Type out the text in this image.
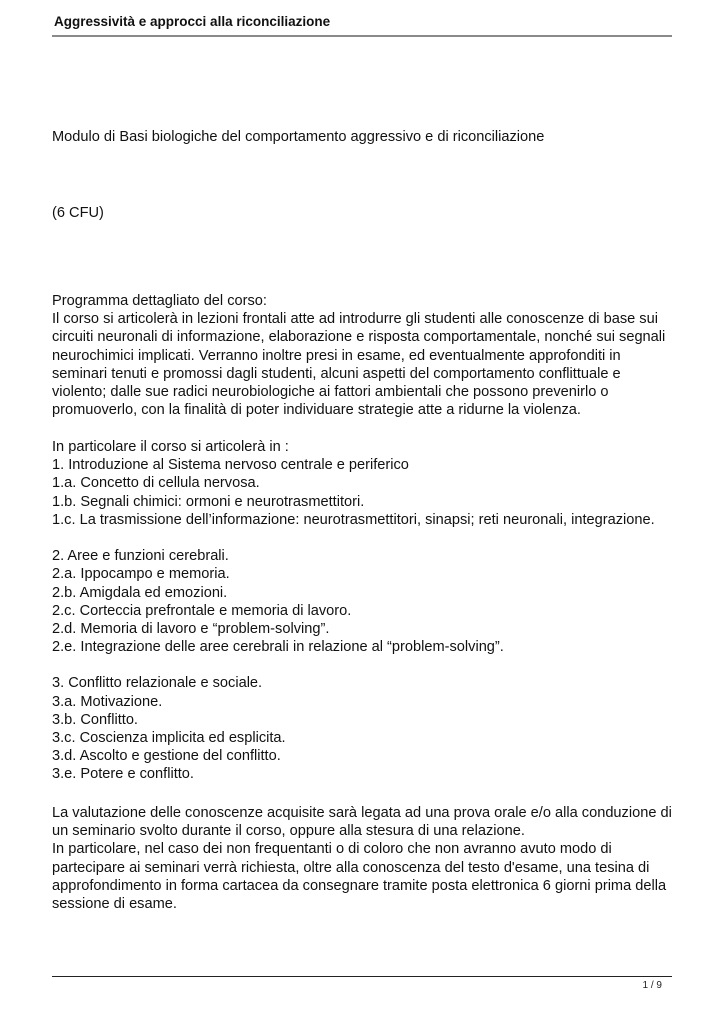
Aggressività e approcci alla riconciliazione
Modulo di Basi biologiche del comportamento aggressivo e di riconciliazione
(6 CFU)
Programma dettagliato del corso:
Il corso si articolerà in lezioni frontali atte ad introdurre gli studenti alle conoscenze di base sui
circuiti neuronali di informazione, elaborazione e risposta comportamentale, nonché sui segnali
neurochimici implicati. Verranno inoltre presi in esame, ed eventualmente approfonditi in
seminari tenuti e promossi dagli studenti, alcuni aspetti del comportamento conflittuale e
violento; dalle sue radici neurobiologiche ai fattori ambientali che possono prevenirlo o
promuoverlo, con la finalità di poter individuare strategie atte a ridurne la violenza.
In particolare il corso si articolerà in :
1. Introduzione al Sistema nervoso centrale e periferico
1.a. Concetto di cellula nervosa.
1.b. Segnali chimici: ormoni e neurotrasmettitori.
1.c. La trasmissione dell’informazione: neurotrasmettitori, sinapsi; reti neuronali, integrazione.
2. Aree e funzioni cerebrali.
2.a. Ippocampo e memoria.
2.b. Amigdala ed emozioni.
2.c. Corteccia prefrontale e memoria di lavoro.
2.d. Memoria di lavoro e “problem-solving”.
2.e. Integrazione delle aree cerebrali in relazione al “problem-solving”.
3. Conflitto relazionale e sociale.
3.a. Motivazione.
3.b. Conflitto.
3.c. Coscienza implicita ed esplicita.
3.d. Ascolto e gestione del conflitto.
3.e. Potere e conflitto.
La valutazione delle conoscenze acquisite sarà legata ad una prova orale e/o alla conduzione di
un seminario svolto durante il corso, oppure alla stesura di una relazione.
In particolare, nel caso dei non frequentanti o di coloro che non avranno avuto modo di
partecipare ai seminari verrà richiesta, oltre alla conoscenza del testo d'esame, una tesina di
approfondimento in forma cartacea da consegnare tramite posta elettronica 6 giorni prima della
sessione di esame.
1 / 9
